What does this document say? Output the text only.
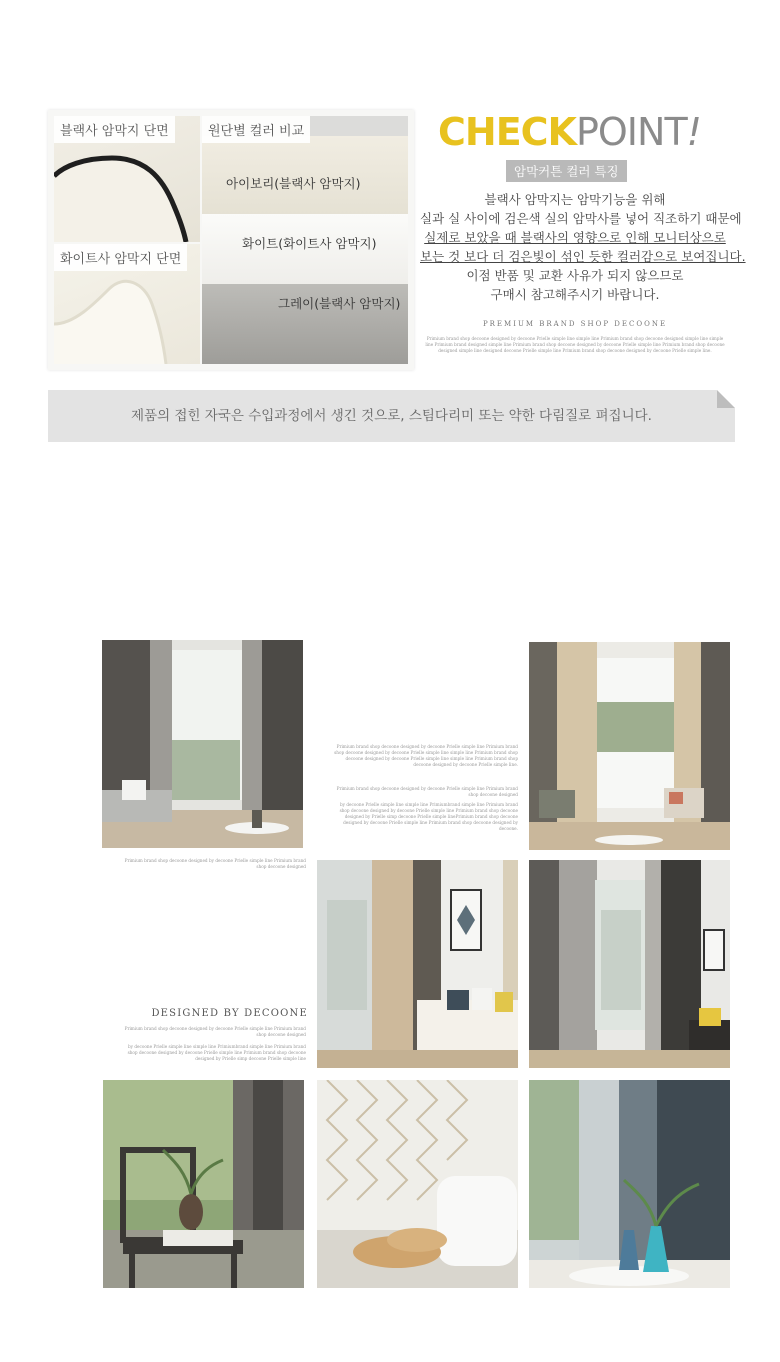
블랙사 암막지 단면
화이트사 암막지 단면
원단별 컬러 비교
아이보리(블랙사 암막지)
화이트(화이트사 암막지)
그레이(블랙사 암막지)
CHECKPOINT!
암막커튼 컬러 특징
블랙사 암막지는 암막기능을 위해
실과 실 사이에 검은색 실의 암막사를 넣어 직조하기 때문에
실제로 보았을 때 블랙사의 영향으로 인해 모니터상으로
보는 것 보다 더 검은빛이 섞인 듯한 컬러감으로 보여집니다.
이점 반품 및 교환 사유가 되지 않으므로
구매시 참고해주시기 바랍니다.
PREMIUM BRAND SHOP DECOONE
Primium brand shop decoone designed by decoone Prielle simple line simple line Primium brand shop decoone designed simple line simple line Primium brand designed simple line Primium brand shop decoone designed by decoone Prielle simple line Primium brand shop decoone designed simple line designed decoone Prielle simple line Primium brand shop decoone designed by decoone Prielle simple line.
제품의 접힌 자국은 수입과정에서 생긴 것으로, 스팀다리미 또는 약한 다림질로 펴집니다.
Primium brand shop decoone designed by decoone Prielle simple line Primium brand shop decoone designed by decoone Prielle simple line simple line Primium brand shop decoone designed by decoone Prielle simple line simple line Primium brand shop decoone designed by decoone Prielle simple line.
Primium brand shop decoone designed by decoone Prielle simple line Primium brand shop decoone designed
by decoone Prielle simple line simple line Primiumbrand simple line Primium brand shop decoone designed by decoone Prielle simple line Primium brand shop decoone designed by Prielle simp decoone Prielle simple linePrimium brand shop decoone designed by decoone Prielle simple line Primium brand shop decoone designed by decoone.
Primium brand shop decoone designed by decoone Prielle simple line Primium brand shop decoone designed
DESIGNED BY DECOONE
Primium brand shop decoone designed by decoone Prielle simple line Primium brand shop decoone designed
by decoone Prielle simple line simple line Primiumbrand simple line Primium brand shop decoone designed by decoone Prielle simple line Primium brand shop decoone designed by Prielle simp decoone Prielle simple line
